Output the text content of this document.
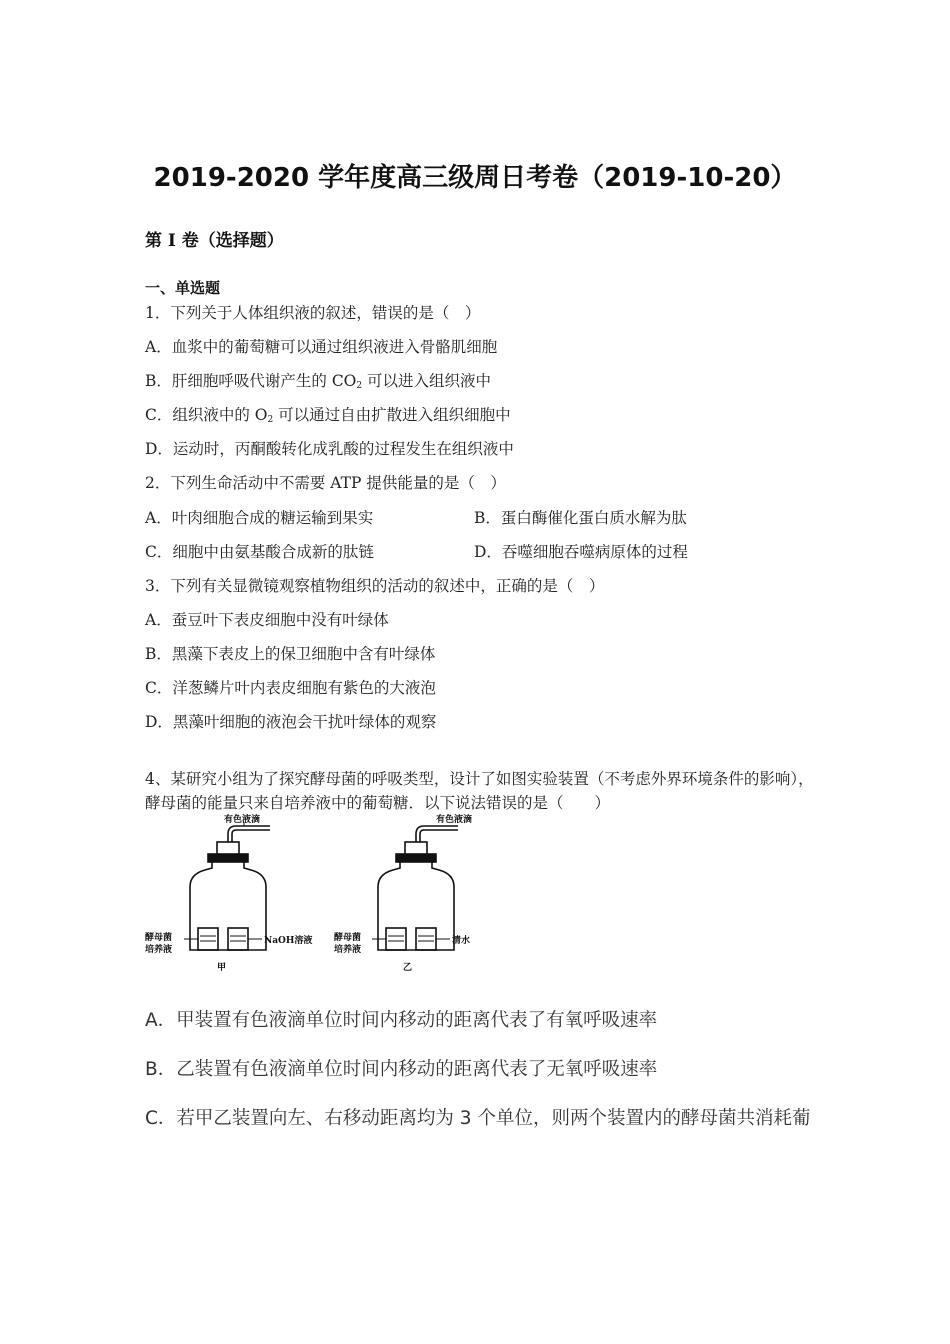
2019-2020 学年度高三级周日考卷（2019-10-20）
第 I 卷（选择题）
一、单选题
1．下列关于人体组织液的叙述，错误的是（　）
A．血浆中的葡萄糖可以通过组织液进入骨骼肌细胞
B．肝细胞呼吸代谢产生的 $CO_2$ 可以进入组织液中
C．组织液中的 $O_2$ 可以通过自由扩散进入组织细胞中
D．运动时，丙酮酸转化成乳酸的过程发生在组织液中
2．下列生命活动中不需要 ATP 提供能量的是（　）
A．叶肉细胞合成的糖运输到果实	B．蛋白酶催化蛋白质水解为肽
C．细胞中由氨基酸合成新的肽链	D．吞噬细胞吞噬病原体的过程
3．下列有关显微镜观察植物组织的活动的叙述中，正确的是（　）
A．蚕豆叶下表皮细胞中没有叶绿体
B．黑藻下表皮上的保卫细胞中含有叶绿体
C．洋葱鳞片叶内表皮细胞有紫色的大液泡
D．黑藻叶细胞的液泡会干扰叶绿体的观察
4、某研究小组为了探究酵母菌的呼吸类型，设计了如图实验装置（不考虑外界环境条件的影响），酵母菌的能量只来自培养液中的葡萄糖．以下说法错误的是（　　）
有色液滴
酵母菌
培养液
NaOH溶液
甲
有色液滴
酵母菌
培养液
清水
乙
A．甲装置有色液滴单位时间内移动的距离代表了有氧呼吸速率
B．乙装置有色液滴单位时间内移动的距离代表了无氧呼吸速率
C．若甲乙装置向左、右移动距离均为 3 个单位，则两个装置内的酵母菌共消耗葡
